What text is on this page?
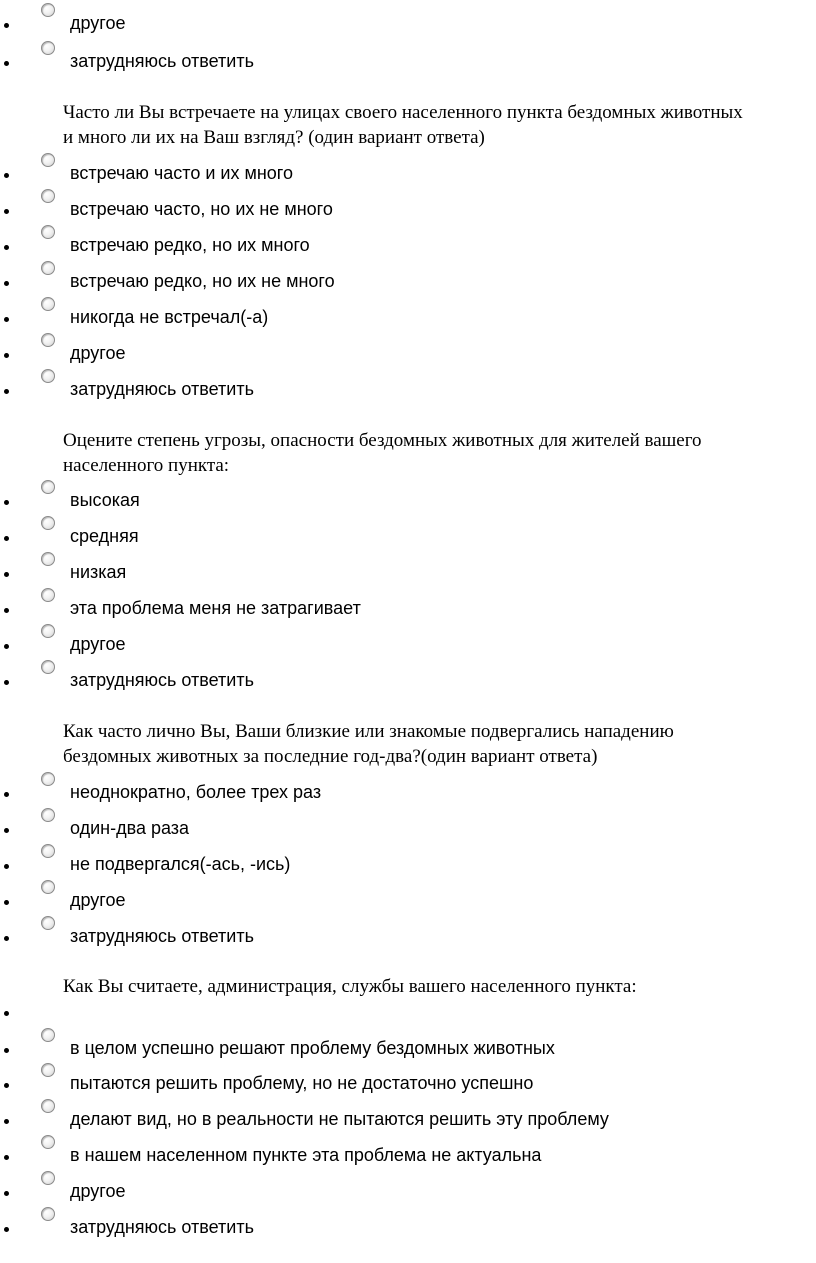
другое
затрудняюсь ответить

Часто ли Вы встречаете на улицах своего населенного пункта бездомных животных

и много ли их на Ваш взгляд? (один вариант ответа)

встречаю часто и их много
встречаю часто, но их не много
встречаю редко, но их много
встречаю редко, но их не много
никогда не встречал(-а)
другое
затрудняюсь ответить

Оцените степень угрозы, опасности бездомных животных для жителей вашего

населенного пункта:

высокая
средняя
низкая
эта проблема меня не затрагивает
другое
затрудняюсь ответить

Как часто лично Вы, Ваши близкие или знакомые подвергались нападению

бездомных животных за последние год-два?(один вариант ответа)

неоднократно, более трех раз
один-два раза
не подвергался(-ась, -ись)
другое
затрудняюсь ответить

Как Вы считаете, администрация, службы вашего населенного пункта:

в целом успешно решают проблему бездомных животных
пытаются решить проблему, но не достаточно успешно
делают вид, но в реальности не пытаются решить эту проблему
в нашем населенном пункте эта проблема не актуальна
другое
затрудняюсь ответить
